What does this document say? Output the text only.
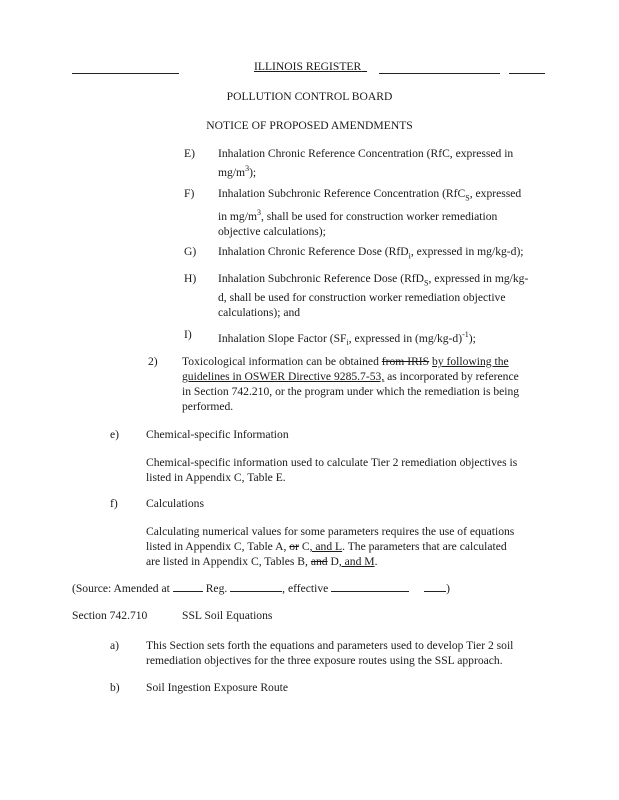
ILLINOIS REGISTER
POLLUTION CONTROL BOARD
NOTICE OF PROPOSED AMENDMENTS
E) Inhalation Chronic Reference Concentration (RfC, expressed in
$mg/m^3$);
F) Inhalation Subchronic Reference Concentration (RfC$_S$, expressed
in $mg/m^3$, shall be used for construction worker remediation
objective calculations);
G) Inhalation Chronic Reference Dose (RfD$_i$, expressed in mg/kg-d);
H) Inhalation Subchronic Reference Dose (RfD$_S$, expressed in mg/kg-
d, shall be used for construction worker remediation objective
calculations); and
I) Inhalation Slope Factor ($SF_i$, expressed in $(mg/kg-d)^{-1}$);
2) Toxicological information can be obtained from IRIS by following the
guidelines in OSWER Directive 9285.7-53, as incorporated by reference
in Section 742.210, or the program under which the remediation is being
performed.
e) Chemical-specific Information
Chemical-specific information used to calculate Tier 2 remediation objectives is
listed in Appendix C, Table E.
f) Calculations
Calculating numerical values for some parameters requires the use of equations
listed in Appendix C, Table A, or C, and L. The parameters that are calculated
are listed in Appendix C, Tables B, and D, and M.
(Source: Amended at	Reg.	, effective	)
Section 742.710	SSL Soil Equations
a) This Section sets forth the equations and parameters used to develop Tier 2 soil
remediation objectives for the three exposure routes using the SSL approach.
b) Soil Ingestion Exposure Route
